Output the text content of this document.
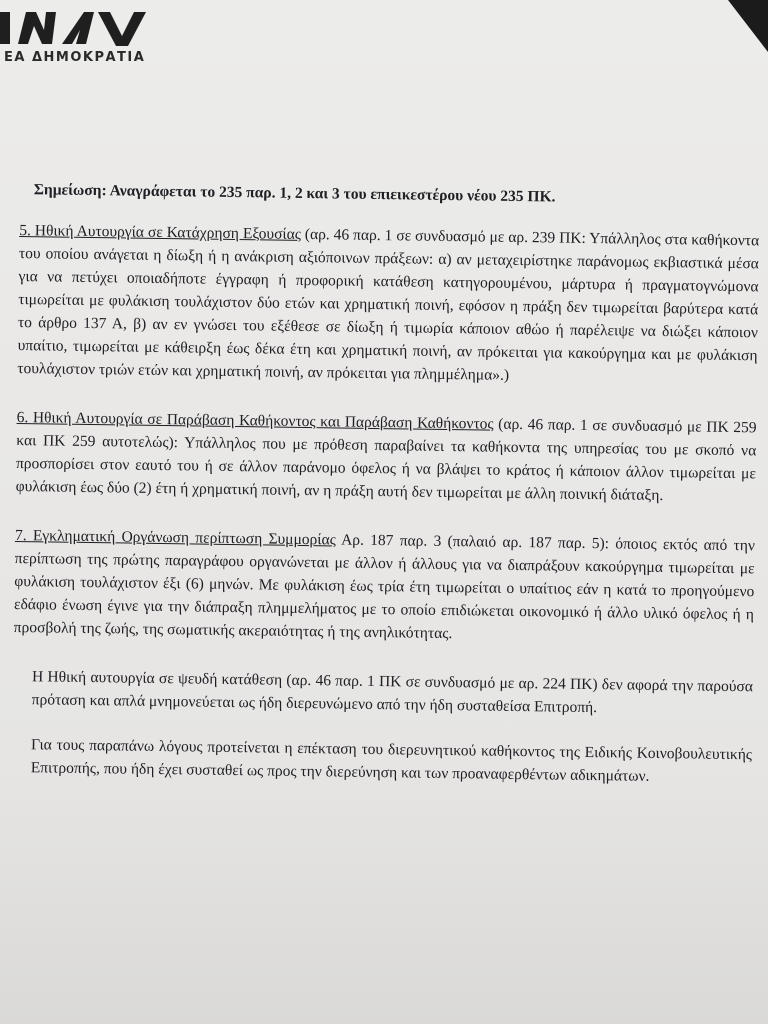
ΕΑ ΔΗΜΟΚΡΑΤΙΑ

Σημείωση: Αναγράφεται το 235 παρ. 1, 2 και 3 του επιεικεστέρου νέου 235 ΠΚ.

5. Ηθική Αυτουργία σε Κατάχρηση Εξουσίας (αρ. 46 παρ. 1 σε συνδυασμό με αρ. 239 ΠΚ: Υπάλληλος στα καθήκοντα του οποίου ανάγεται η δίωξη ή η ανάκριση αξιόποινων πράξεων: α) αν μεταχειρίστηκε παράνομως εκβιαστικά μέσα για να πετύχει οποιαδήποτε έγγραφη ή προφορική κατάθεση κατηγορουμένου, μάρτυρα ή πραγματογνώμονα τιμωρείται με φυλάκιση τουλάχιστον δύο ετών και χρηματική ποινή, εφόσον η πράξη δεν τιμωρείται βαρύτερα κατά το άρθρο 137 Α, β) αν εν γνώσει του εξέθεσε σε δίωξη ή τιμωρία κάποιον αθώο ή παρέλειψε να διώξει κάποιον υπαίτιο, τιμωρείται με κάθειρξη έως δέκα έτη και χρηματική ποινή, αν πρόκειται για κακούργημα και με φυλάκιση τουλάχιστον τριών ετών και χρηματική ποινή, αν πρόκειται για πλημμέλημα».)

6. Ηθική Αυτουργία σε Παράβαση Καθήκοντος και Παράβαση Καθήκοντος (αρ. 46 παρ. 1 σε συνδυασμό με ΠΚ 259 και ΠΚ 259 αυτοτελώς): Υπάλληλος που με πρόθεση παραβαίνει τα καθήκοντα της υπηρεσίας του με σκοπό να προσπορίσει στον εαυτό του ή σε άλλον παράνομο όφελος ή να βλάψει το κράτος ή κάποιον άλλον τιμωρείται με φυλάκιση έως δύο (2) έτη ή χρηματική ποινή, αν η πράξη αυτή δεν τιμωρείται με άλλη ποινική διάταξη.

7. Εγκληματική Οργάνωση περίπτωση Συμμορίας Αρ. 187 παρ. 3 (παλαιό αρ. 187 παρ. 5): όποιος εκτός από την περίπτωση της πρώτης παραγράφου οργανώνεται με άλλον ή άλλους για να διαπράξουν κακούργημα τιμωρείται με φυλάκιση τουλάχιστον έξι (6) μηνών. Με φυλάκιση έως τρία έτη τιμωρείται ο υπαίτιος εάν η κατά το προηγούμενο εδάφιο ένωση έγινε για την διάπραξη πλημμελήματος με το οποίο επιδιώκεται οικονομικό ή άλλο υλικό όφελος ή η προσβολή της ζωής, της σωματικής ακεραιότητας ή της ανηλικότητας.

Η Ηθική αυτουργία σε ψευδή κατάθεση (αρ. 46 παρ. 1 ΠΚ σε συνδυασμό με αρ. 224 ΠΚ) δεν αφορά την παρούσα πρόταση και απλά μνημονεύεται ως ήδη διερευνώμενο από την ήδη συσταθείσα Επιτροπή.

Για τους παραπάνω λόγους προτείνεται η επέκταση του διερευνητικού καθήκοντος της Ειδικής Κοινοβουλευτικής Επιτροπής, που ήδη έχει συσταθεί ως προς την διερεύνηση και των προαναφερθέντων αδικημάτων.
